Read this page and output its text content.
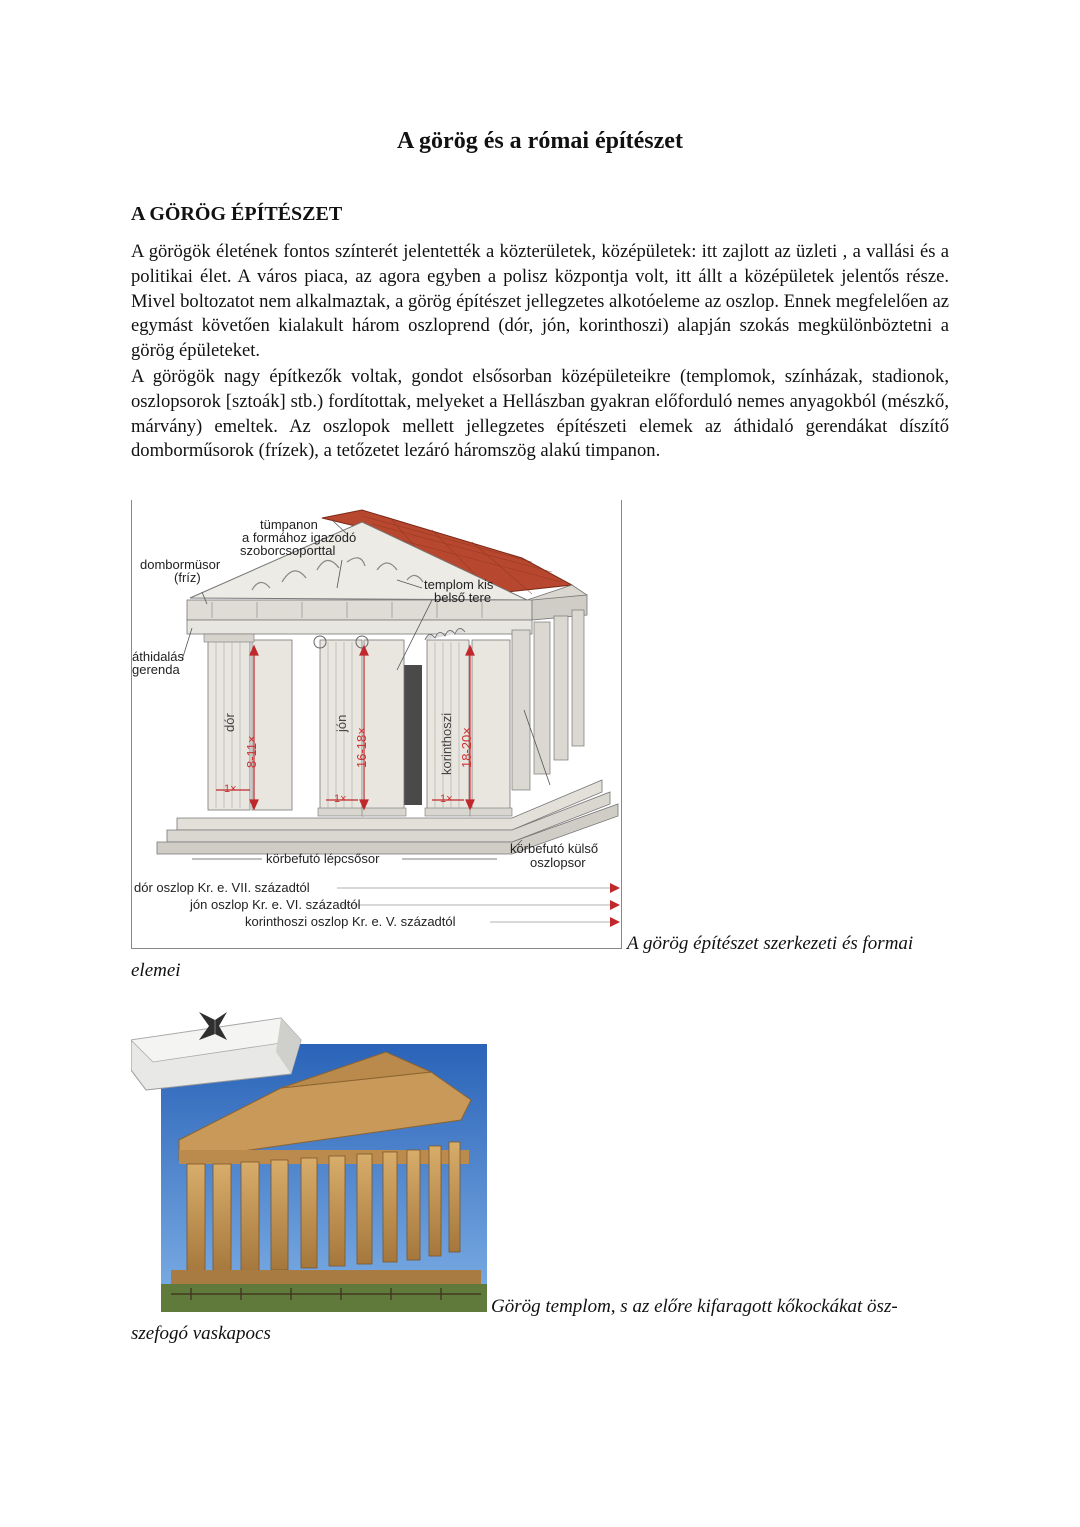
A görög és a római építészet
A GÖRÖG ÉPÍTÉSZET

A görögök életének fontos színterét jelentették a közterületek, középületek: itt zajlott az üzleti , a vallási és a politikai élet. A város piaca, az agora egyben a polisz központja volt, itt állt a középületek jelentős része. Mivel boltozatot nem alkalmaztak, a görög építészet jellegzetes alkotóeleme az oszlop. Ennek megfelelően az egymást követően kialakult három oszloprend (dór, jón, korinthoszi) alapján szokás megkülönböztetni a görög épületeket.

A görögök nagy építkezők voltak, gondot elsősorban középületeikre (templomok, színházak, stadionok, oszlopsorok [sztoák] stb.) fordítottak, melyeket a Hellászban gyakran előforduló nemes anyagokból (mészkő, márvány) emeltek. Az oszlopok mellett jellegzetes építészeti elemek az áthidaló gerendákat díszítő domborműsorok (frízek), a tetőzetet lezáró háromszög alakú timpanon.

tümpanon
a formához igazodó
szoborcsoporttal
dombormüsor
(fríz)	templom kis
belső tere
áthidalás
gerenda
körbefutó lépcsősor
körbefutó külső
oszlopsor
dór
8-11×
jón
16-18×	korinthoszi 18-20×
1×
1×	1×
dór oszlop Kr. e. VII. századtól
jón oszlop Kr. e. VI. századtól
korinthoszi oszlop Kr. e. V. századtól
A görög építészet szerkezeti és formai
elemei
Görög templom, s az előre kifaragott kőkockákat ösz-
szefogó vaskapocs
